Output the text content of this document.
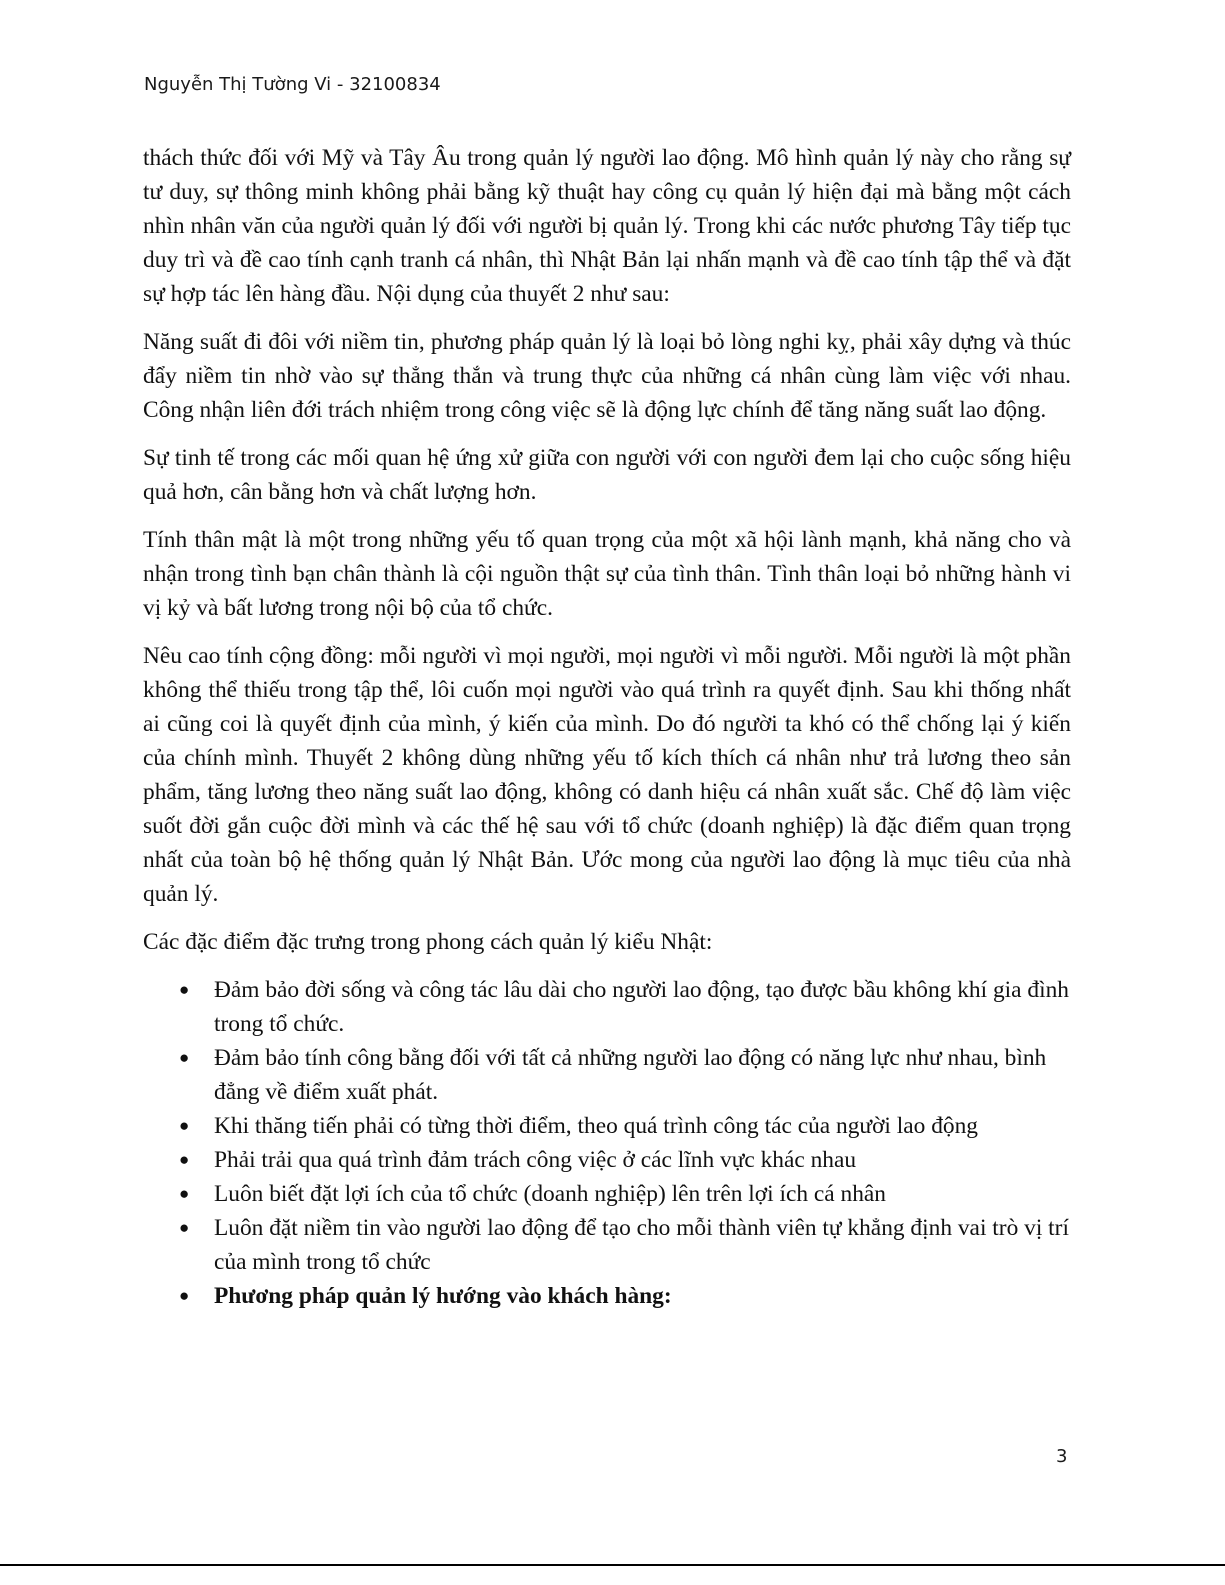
Nguyễn Thị Tường Vi - 32100834

thách thức đối với Mỹ và Tây Âu trong quản lý người lao động. Mô hình quản lý này cho rằng sự tư duy, sự thông minh không phải bằng kỹ thuật hay công cụ quản lý hiện đại mà bằng một cách nhìn nhân văn của người quản lý đối với người bị quản lý. Trong khi các nước phương Tây tiếp tục duy trì và đề cao tính cạnh tranh cá nhân, thì Nhật Bản lại nhấn mạnh và đề cao tính tập thể và đặt sự hợp tác lên hàng đầu. Nội dụng của thuyết 2 như sau:

Năng suất đi đôi với niềm tin, phương pháp quản lý là loại bỏ lòng nghi kỵ, phải xây dựng và thúc đẩy niềm tin nhờ vào sự thẳng thắn và trung thực của những cá nhân cùng làm việc với nhau. Công nhận liên đới trách nhiệm trong công việc sẽ là động lực chính để tăng năng suất lao động.

Sự tinh tế trong các mối quan hệ ứng xử giữa con người với con người đem lại cho cuộc sống hiệu quả hơn, cân bằng hơn và chất lượng hơn.

Tính thân mật là một trong những yếu tố quan trọng của một xã hội lành mạnh, khả năng cho và nhận trong tình bạn chân thành là cội nguồn thật sự của tình thân. Tình thân loại bỏ những hành vi vị kỷ và bất lương trong nội bộ của tổ chức.

Nêu cao tính cộng đồng: mỗi người vì mọi người, mọi người vì mỗi người. Mỗi người là một phần không thể thiếu trong tập thể, lôi cuốn mọi người vào quá trình ra quyết định. Sau khi thống nhất ai cũng coi là quyết định của mình, ý kiến của mình. Do đó người ta khó có thể chống lại ý kiến của chính mình. Thuyết 2 không dùng những yếu tố kích thích cá nhân như trả lương theo sản phẩm, tăng lương theo năng suất lao động, không có danh hiệu cá nhân xuất sắc. Chế độ làm việc suốt đời gắn cuộc đời mình và các thế hệ sau với tổ chức (doanh nghiệp) là đặc điểm quan trọng nhất của toàn bộ hệ thống quản lý Nhật Bản. Ước mong của người lao động là mục tiêu của nhà quản lý.

Các đặc điểm đặc trưng trong phong cách quản lý kiểu Nhật:

● Đảm bảo đời sống và công tác lâu dài cho người lao động, tạo được bầu không khí gia đình trong tổ chức.
● Đảm bảo tính công bằng đối với tất cả những người lao động có năng lực như nhau, bình đẳng về điểm xuất phát.
● Khi thăng tiến phải có từng thời điểm, theo quá trình công tác của người lao động
● Phải trải qua quá trình đảm trách công việc ở các lĩnh vực khác nhau
● Luôn biết đặt lợi ích của tổ chức (doanh nghiệp) lên trên lợi ích cá nhân
● Luôn đặt niềm tin vào người lao động để tạo cho mỗi thành viên tự khẳng định vai trò vị trí của mình trong tổ chức
● Phương pháp quản lý hướng vào khách hàng:
3
